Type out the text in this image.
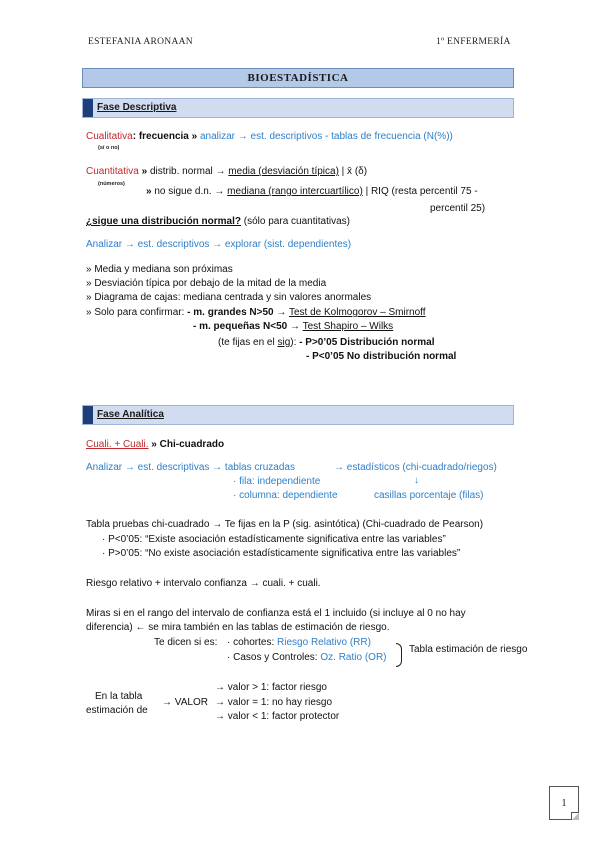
ESTEFANIA ARONAAN	1º ENFERMERÍA
BIOESTADÍSTICA
Fase Descriptiva
Cualitativa: frecuencia » analizar → est. descriptivos - tablas de frecuencia (N(%))
(sí o no)
Cuantitativa » distrib. normal → media (desviación típica) | x̄ (δ)
(números)
» no sigue d.n. → mediana (rango intercuartílico) | RIQ (resta percentil 75 -
percentil 25)
¿sigue una distribución normal? (sólo para cuantitativas)
Analizar → est. descriptivos → explorar (sist. dependientes)
» Media y mediana son próximas
» Desviación típica por debajo de la mitad de la media
» Diagrama de cajas: mediana centrada y sin valores anormales
» Solo para confirmar: - m. grandes N>50 → Test de Kolmogorov – Smirnoff
- m. pequeñas N<50 → Test Shapiro – Wilks
(te fijas en el sig): - P>0’05 Distribución normal
- P<0’05 No distribución normal
Fase Analítica
Cuali. + Cuali. » Chi-cuadrado
Analizar → est. descriptivas → tablas cruzadas	→ estadísticos (chi-cuadrado/riegos)
· fila: independiente	↓
· columna: dependiente	casillas porcentaje (filas)
Tabla pruebas chi-cuadrado → Te fijas en la P (sig. asintótica) (Chi-cuadrado de Pearson)
· P<0’05: “Existe asociación estadísticamente significativa entre las variables”
· P>0’05: “No existe asociación estadísticamente significativa entre las variables”
Riesgo relativo + intervalo confianza → cuali. + cuali.
Miras si en el rango del intervalo de confianza está el 1 incluido (si incluye al 0 no hay
diferencia) ← se mira también en las tablas de estimación de riesgo.
Te dicen si es: · cohortes: Riesgo Relativo (RR)
· Casos y Controles: Oz. Ratio (OR)
Tabla estimación de riesgo
En la tabla
estimación de
→ VALOR
→ valor > 1: factor riesgo
→ valor = 1: no hay riesgo
→ valor < 1: factor protector
1
